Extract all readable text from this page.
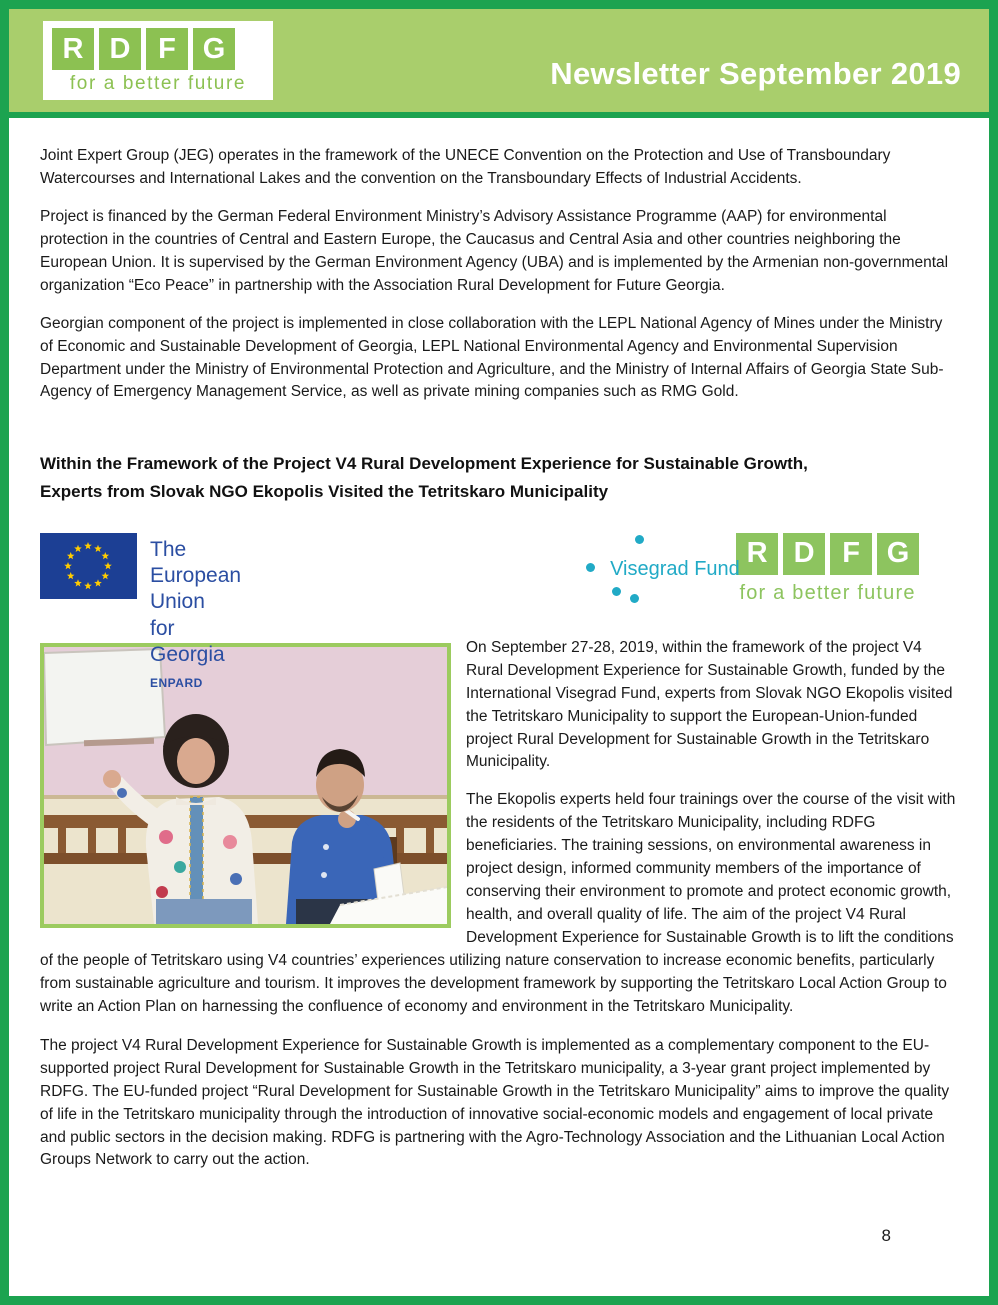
R D F G
for a better future	Newsletter September 2019

Joint Expert Group (JEG) operates in the framework of the UNECE Convention on the Protection and Use of Transboundary Watercourses and International Lakes and the convention on the Transboundary Effects of Industrial Accidents.

Project is financed by the German Federal Environment Ministry’s Advisory Assistance Programme (AAP) for environmental protection in the countries of Central and Eastern Europe, the Caucasus and Central Asia and other countries neighboring the European Union. It is supervised by the German Environment Agency (UBA) and is implemented by the Armenian non-governmental organization “Eco Peace” in partnership with the Association Rural Development for Future Georgia.

Georgian component of the project is implemented in close collaboration with the LEPL National Agency of Mines under the Ministry of Economic and Sustainable Development of Georgia, LEPL National Environmental Agency and Environmental Supervision Department under the Ministry of Environmental Protection and Agriculture, and the Ministry of Internal Affairs of Georgia State Sub-Agency of Emergency Management Service, as well as private mining companies such as RMG Gold.

Within the Framework of the Project V4 Rural Development Experience for Sustainable Growth, Experts from Slovak NGO Ekopolis Visited the Tetritskaro Municipality
The European Union
for Georgia
ENPARD
Visegrad Fund R D F G
for a better future

On September 27-28, 2019, within the framework of the project V4 Rural Development Experience for Sustainable Growth, funded by the International Visegrad Fund, experts from Slovak NGO Ekopolis visited the Tetritskaro Municipality to support the European-Union-funded project Rural Development for Sustainable Growth in the Tetritskaro Municipality.

The Ekopolis experts held four trainings over the course of the visit with the residents of the Tetritskaro Municipality, including RDFG beneficiaries. The training sessions, on environmental awareness in project design, informed community members of the importance of conserving their environment to promote and protect economic growth, health, and overall quality of life. The aim of the project V4 Rural Development Experience for Sustainable Growth is to lift the conditions of the people of Tetritskaro using V4 countries’ experiences utilizing nature conservation to increase economic benefits, particularly from sustainable agriculture and tourism. It improves the development framework by supporting the Tetritskaro Local Action Group to write an Action Plan on harnessing the confluence of economy and environment in the Tetritskaro Municipality.

The project V4 Rural Development Experience for Sustainable Growth is implemented as a complementary component to the EU-supported project Rural Development for Sustainable Growth in the Tetritskaro municipality, a 3-year grant project implemented by RDFG. The EU-funded project “Rural Development for Sustainable Growth in the Tetritskaro Municipality” aims to improve the quality of life in the Tetritskaro municipality through the introduction of innovative social-economic models and engagement of local private and public sectors in the decision making. RDFG is partnering with the Agro-Technology Association and the Lithuanian Local Action Groups Network to carry out the action.

8
